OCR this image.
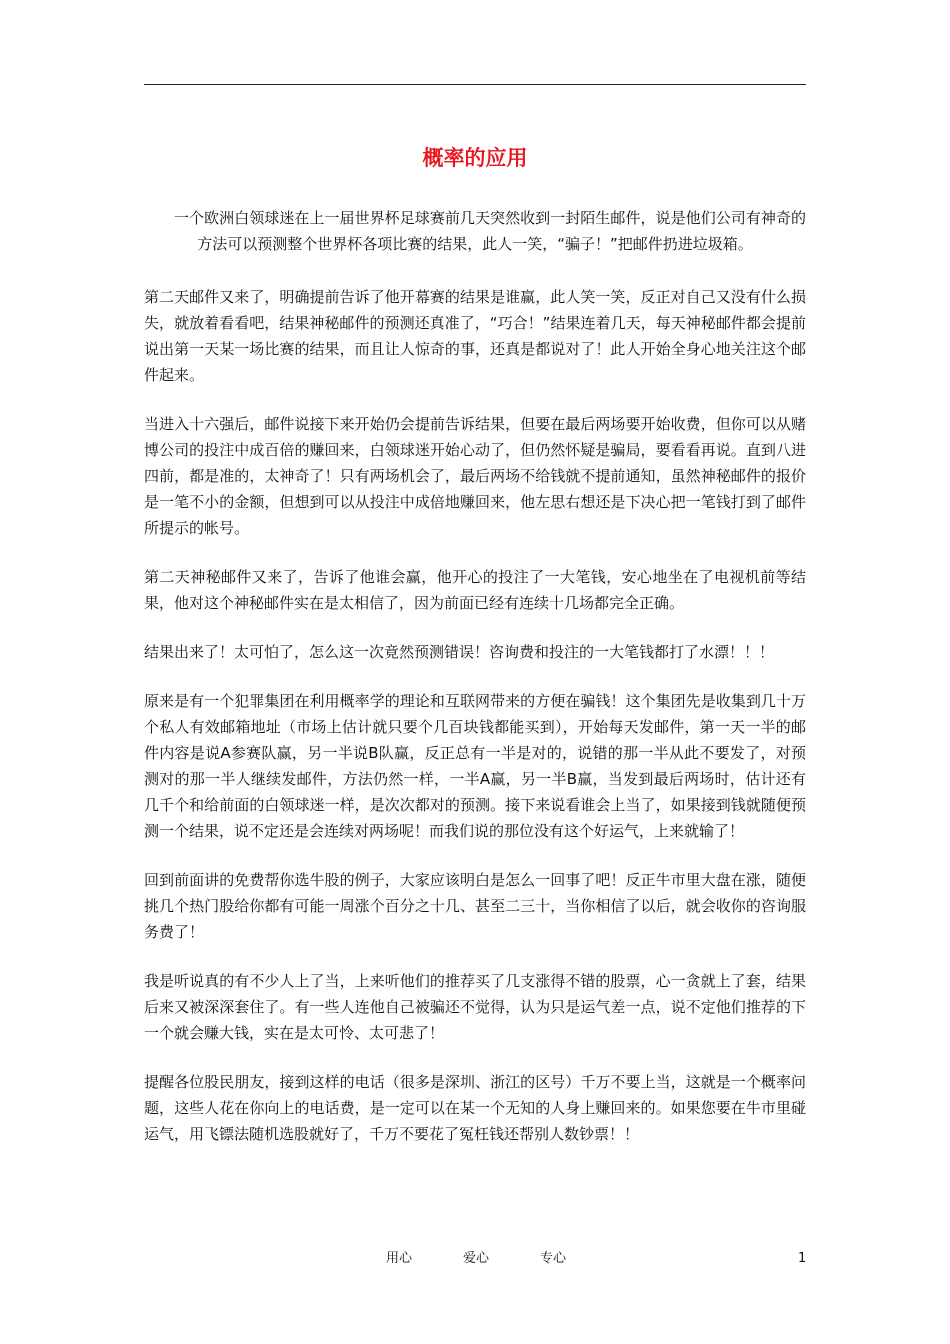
概率的应用

一个欧洲白领球迷在上一届世界杯足球赛前几天突然收到一封陌生邮件，说是他们公司有神奇的方法可以预测整个世界杯各项比赛的结果，此人一笑，“骗子！”把邮件扔进垃圾箱。

第二天邮件又来了，明确提前告诉了他开幕赛的结果是谁赢，此人笑一笑，反正对自己又没有什么损失，就放着看看吧，结果神秘邮件的预测还真准了，“巧合！”结果连着几天，每天神秘邮件都会提前说出第一天某一场比赛的结果，而且让人惊奇的事，还真是都说对了！此人开始全身心地关注这个邮件起来。

当进入十六强后，邮件说接下来开始仍会提前告诉结果，但要在最后两场要开始收费，但你可以从赌博公司的投注中成百倍的赚回来，白领球迷开始心动了，但仍然怀疑是骗局，要看看再说。直到八进四前，都是准的，太神奇了！只有两场机会了，最后两场不给钱就不提前通知，虽然神秘邮件的报价是一笔不小的金额，但想到可以从投注中成倍地赚回来，他左思右想还是下决心把一笔钱打到了邮件所提示的帐号。

第二天神秘邮件又来了，告诉了他谁会赢，他开心的投注了一大笔钱，安心地坐在了电视机前等结果，他对这个神秘邮件实在是太相信了，因为前面已经有连续十几场都完全正确。

结果出来了！太可怕了，怎么这一次竟然预测错误！咨询费和投注的一大笔钱都打了水漂！！！

原来是有一个犯罪集团在利用概率学的理论和互联网带来的方便在骗钱！这个集团先是收集到几十万个私人有效邮箱地址（市场上估计就只要个几百块钱都能买到），开始每天发邮件，第一天一半的邮件内容是说A参赛队赢，另一半说B队赢，反正总有一半是对的，说错的那一半从此不要发了，对预测对的那一半人继续发邮件，方法仍然一样，一半A赢，另一半B赢，当发到最后两场时，估计还有几千个和给前面的白领球迷一样，是次次都对的预测。接下来说看谁会上当了，如果接到钱就随便预测一个结果，说不定还是会连续对两场呢！而我们说的那位没有这个好运气，上来就输了！

回到前面讲的免费帮你选牛股的例子，大家应该明白是怎么一回事了吧！反正牛市里大盘在涨，随便挑几个热门股给你都有可能一周涨个百分之十几、甚至二三十，当你相信了以后，就会收你的咨询服务费了！

我是听说真的有不少人上了当，上来听他们的推荐买了几支涨得不错的股票，心一贪就上了套，结果后来又被深深套住了。有一些人连他自己被骗还不觉得，认为只是运气差一点，说不定他们推荐的下一个就会赚大钱，实在是太可怜、太可悲了！

提醒各位股民朋友，接到这样的电话（很多是深圳、浙江的区号）千万不要上当，这就是一个概率问题，这些人花在你向上的电话费，是一定可以在某一个无知的人身上赚回来的。如果您要在牛市里碰运气，用飞镖法随机选股就好了，千万不要花了冤枉钱还帮别人数钞票！！

用心	爱心	专心	1
